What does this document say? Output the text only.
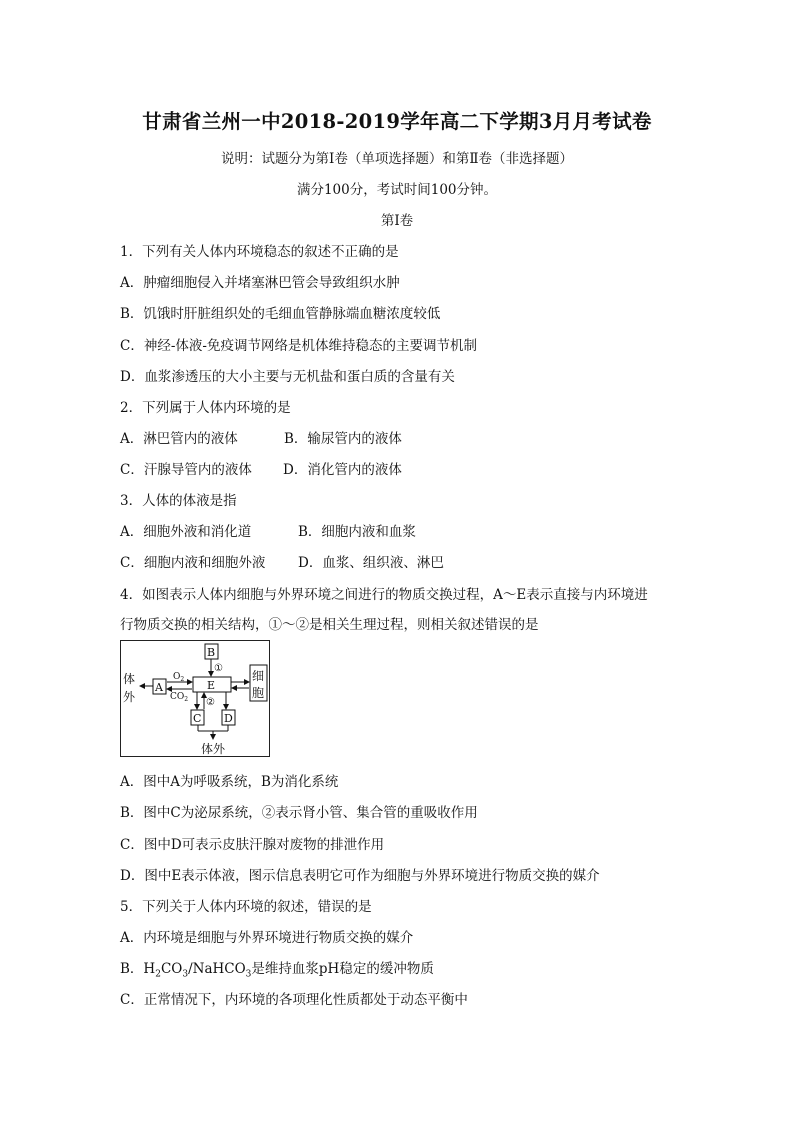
甘肃省兰州一中2018-2019学年高二下学期3月月考试卷
说明：试题分为第Ⅰ卷（单项选择题）和第Ⅱ卷（非选择题）
满分100分，考试时间100分钟。
第Ⅰ卷
1．下列有关人体内环境稳态的叙述不正确的是
A．肿瘤细胞侵入并堵塞淋巴管会导致组织水肿
B．饥饿时肝脏组织处的毛细血管静脉端血糖浓度较低
C．神经-体液-免疫调节网络是机体维持稳态的主要调节机制
D．血浆渗透压的大小主要与无机盐和蛋白质的含量有关
2．下列属于人体内环境的是
A．淋巴管内的液体	B．输尿管内的液体
C．汗腺导管内的液体 D．消化管内的液体
3．人体的体液是指
A．细胞外液和消化道	B．细胞内液和血浆
C．细胞内液和细胞外液 D．血浆、组织液、淋巴
4．如图表示人体内细胞与外界环境之间进行的物质交换过程，A～E表示直接与内环境进
行物质交换的相关结构，①～②是相关生理过程，则相关叙述错误的是
体
外
A
B
①
E
$O_2$
$CO_2$
细
胞
②
C D
体外
A．图中A为呼吸系统，B为消化系统
B．图中C为泌尿系统，②表示肾小管、集合管的重吸收作用
C．图中D可表示皮肤汗腺对废物的排泄作用
D．图中E表示体液，图示信息表明它可作为细胞与外界环境进行物质交换的媒介
5．下列关于人体内环境的叙述，错误的是
A．内环境是细胞与外界环境进行物质交换的媒介
B．$H_2CO_3/NaHCO_3$是维持血浆pH稳定的缓冲物质
C．正常情况下，内环境的各项理化性质都处于动态平衡中
